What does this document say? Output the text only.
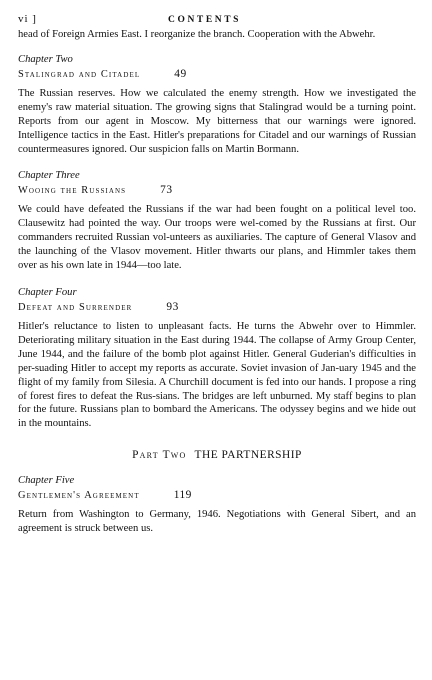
vi ]	CONTENTS

head of Foreign Armies East. I reorganize the branch. Cooperation with the Abwehr.

Chapter Two

Stalingrad and Citadel	49

The Russian reserves. How we calculated the enemy strength. How we investigated the enemy's raw material situation. The growing signs that Stalingrad would be a turning point. Reports from our agent in Moscow. My bitterness that our warnings were ignored. Intelligence tactics in the East. Hitler's preparations for Citadel and our warnings of Russian countermeasures ignored. Our suspicion falls on Martin Bormann.

Chapter Three

Wooing the Russians	73

We could have defeated the Russians if the war had been fought on a political level too. Clausewitz had pointed the way. Our troops were wel-comed by the Russians at first. Our commanders recruited Russian vol-unteers as auxiliaries. The capture of General Vlasov and the launching of the Vlasov movement. Hitler thwarts our plans, and Himmler takes them over as his own late in 1944—too late.

Chapter Four

Defeat and Surrender	93

Hitler's reluctance to listen to unpleasant facts. He turns the Abwehr over to Himmler. Deteriorating military situation in the East during 1944. The collapse of Army Group Center, June 1944, and the failure of the bomb plot against Hitler. General Guderian's difficulties in per-suading Hitler to accept my reports as accurate. Soviet invasion of Jan-uary 1945 and the flight of my family from Silesia. A Churchill document is fed into our hands. I propose a ring of forest fires to defeat the Rus-sians. The bridges are left unburned. My staff begins to plan for the future. Russians plan to bombard the Americans. The odyssey begins and we hide out in the mountains.

Part Two THE PARTNERSHIP

Chapter Five

Gentlemen's Agreement	119

Return from Washington to Germany, 1946. Negotiations with General Sibert, and an agreement is struck between us.
